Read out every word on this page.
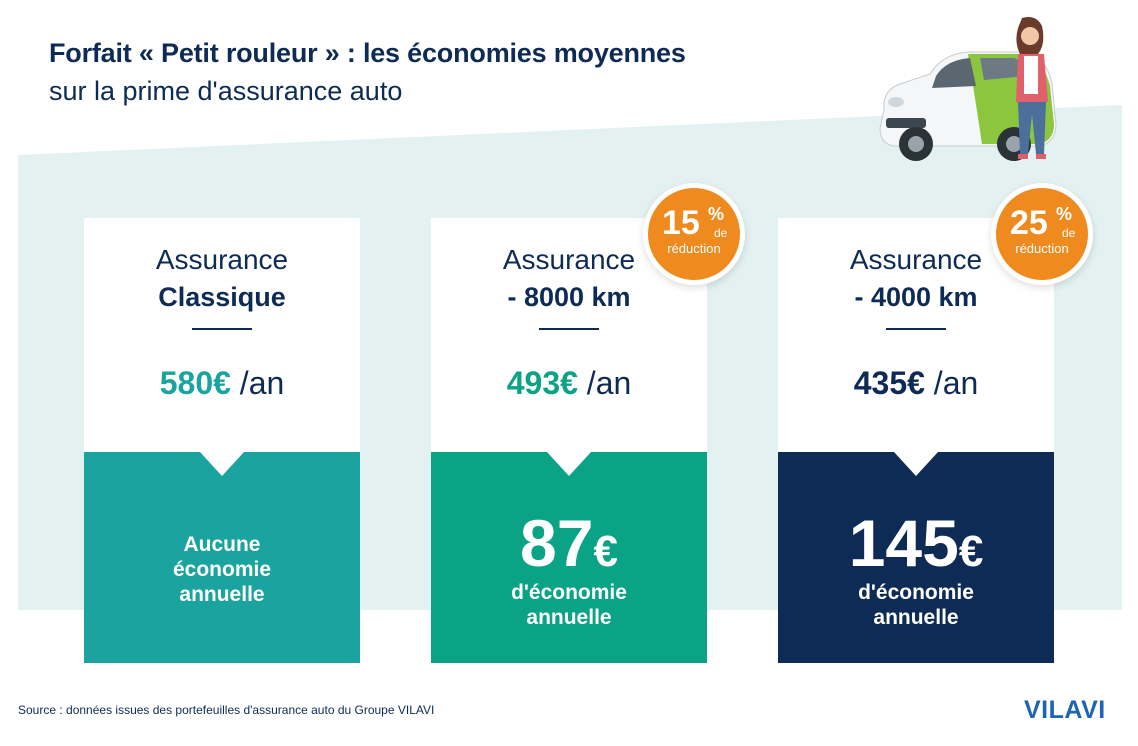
Forfait « Petit rouleur » : les économies moyennes
sur la prime d'assurance auto
Assurance
Classique
580€ /an
Aucune
économie
annuelle
Assurance
- 8000 km
493€ /an
87€
d'économie
annuelle
15 %
de
réduction	Assurance
- 4000 km
435€ /an
145€
d'économie
annuelle
25 %
de
réduction
Source : données issues des portefeuilles d'assurance auto du Groupe VILAVI	VILAVI
